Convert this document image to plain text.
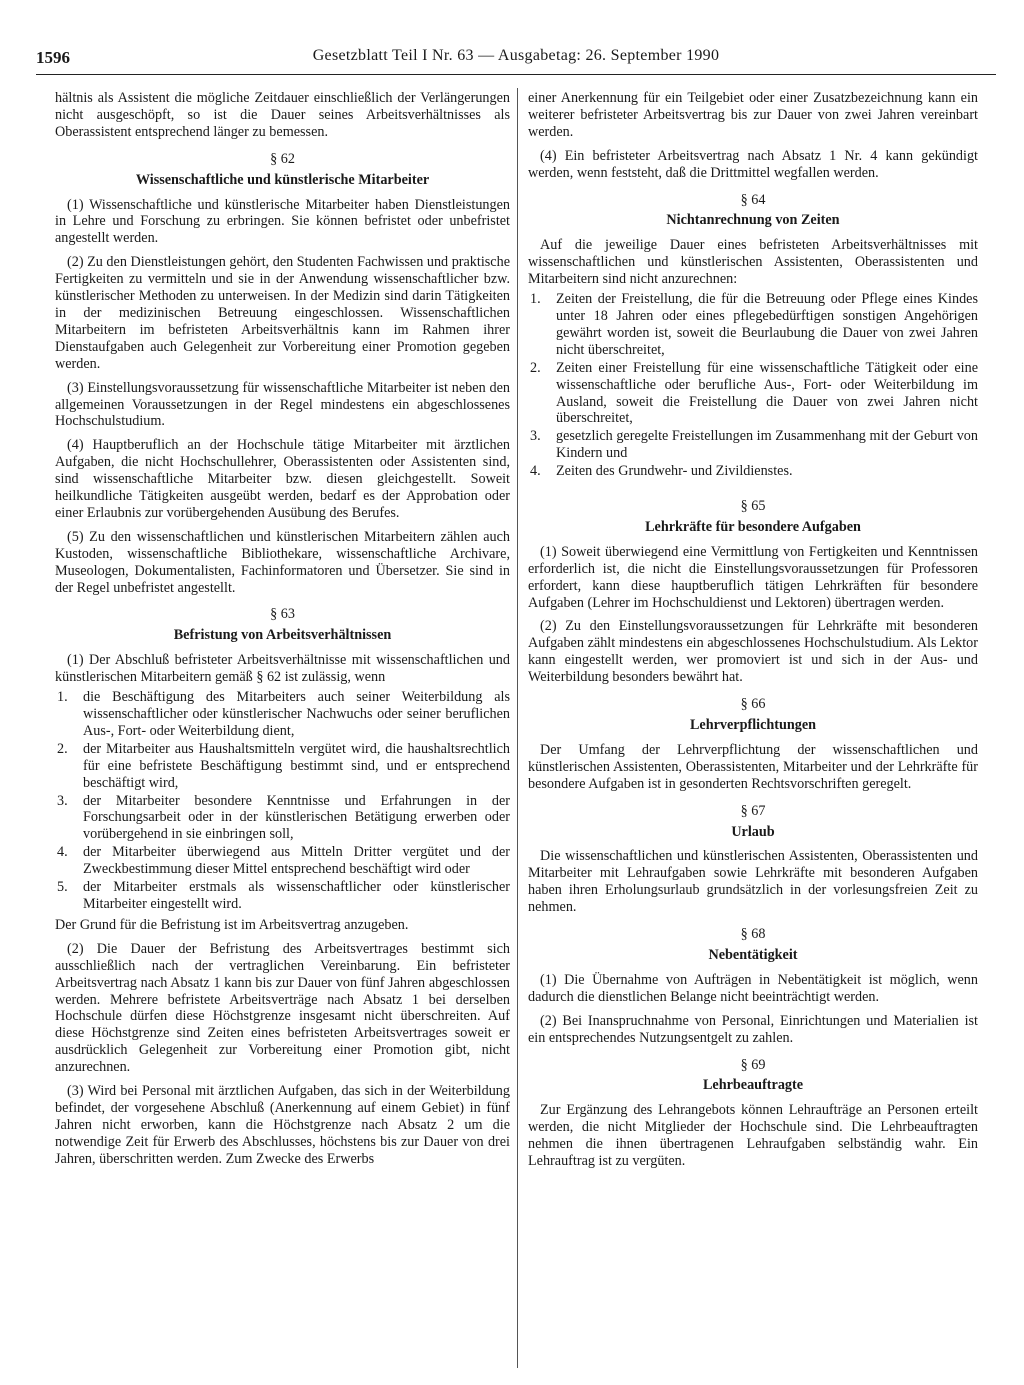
1596	Gesetzblatt Teil I Nr. 63 — Ausgabetag: 26. September 1990

hältnis als Assistent die mögliche Zeitdauer einschließlich der Verlängerungen nicht ausgeschöpft, so ist die Dauer seines Arbeitsverhältnisses als Oberassistent entsprechend länger zu bemessen.

§ 62
Wissenschaftliche und künstlerische Mitarbeiter

(1) Wissenschaftliche und künstlerische Mitarbeiter haben Dienstleistungen in Lehre und Forschung zu erbringen. Sie können befristet oder unbefristet angestellt werden.

(2) Zu den Dienstleistungen gehört, den Studenten Fachwissen und praktische Fertigkeiten zu vermitteln und sie in der Anwendung wissenschaftlicher bzw. künstlerischer Methoden zu unterweisen. In der Medizin sind darin Tätigkeiten in der medizinischen Betreuung eingeschlossen. Wissenschaftlichen Mitarbeitern im befristeten Arbeitsverhältnis kann im Rahmen ihrer Dienstaufgaben auch Gelegenheit zur Vorbereitung einer Promotion gegeben werden.

(3) Einstellungsvoraussetzung für wissenschaftliche Mitarbeiter ist neben den allgemeinen Voraussetzungen in der Regel mindestens ein abgeschlossenes Hochschulstudium.

(4) Hauptberuflich an der Hochschule tätige Mitarbeiter mit ärztlichen Aufgaben, die nicht Hochschullehrer, Oberassistenten oder Assistenten sind, sind wissenschaftliche Mitarbeiter bzw. diesen gleichgestellt. Soweit heilkundliche Tätigkeiten ausgeübt werden, bedarf es der Approbation oder einer Erlaubnis zur vorübergehenden Ausübung des Berufes.

(5) Zu den wissenschaftlichen und künstlerischen Mitarbeitern zählen auch Kustoden, wissenschaftliche Bibliothekare, wissenschaftliche Archivare, Museologen, Dokumentalisten, Fachinformatoren und Übersetzer. Sie sind in der Regel unbefristet angestellt.

§ 63
Befristung von Arbeitsverhältnissen

(1) Der Abschluß befristeter Arbeitsverhältnisse mit wissenschaftlichen und künstlerischen Mitarbeitern gemäß § 62 ist zulässig, wenn

1.	die Beschäftigung des Mitarbeiters auch seiner Weiterbildung als wissenschaftlicher oder künstlerischer Nachwuchs oder seiner beruflichen Aus-, Fort- oder Weiterbildung dient,
2.	der Mitarbeiter aus Haushaltsmitteln vergütet wird, die haushaltsrechtlich für eine befristete Beschäftigung bestimmt sind, und er entsprechend beschäftigt wird,
3.	der Mitarbeiter besondere Kenntnisse und Erfahrungen in der Forschungsarbeit oder in der künstlerischen Betätigung erwerben oder vorübergehend in sie einbringen soll,
4.	der Mitarbeiter überwiegend aus Mitteln Dritter vergütet und der Zweckbestimmung dieser Mittel entsprechend beschäftigt wird oder
5.	der Mitarbeiter erstmals als wissenschaftlicher oder künstlerischer Mitarbeiter eingestellt wird.

Der Grund für die Befristung ist im Arbeitsvertrag anzugeben.

(2) Die Dauer der Befristung des Arbeitsvertrages bestimmt sich ausschließlich nach der vertraglichen Vereinbarung. Ein befristeter Arbeitsvertrag nach Absatz 1 kann bis zur Dauer von fünf Jahren abgeschlossen werden. Mehrere befristete Arbeitsverträge nach Absatz 1 bei derselben Hochschule dürfen diese Höchstgrenze insgesamt nicht überschreiten. Auf diese Höchstgrenze sind Zeiten eines befristeten Arbeitsvertrages soweit er ausdrücklich Gelegenheit zur Vorbereitung einer Promotion gibt, nicht anzurechnen.

(3) Wird bei Personal mit ärztlichen Aufgaben, das sich in der Weiterbildung befindet, der vorgesehene Abschluß (Anerkennung auf einem Gebiet) in fünf Jahren nicht erworben, kann die Höchstgrenze nach Absatz 2 um die notwendige Zeit für Erwerb des Abschlusses, höchstens bis zur Dauer von drei Jahren, überschritten werden. Zum Zwecke des Erwerbs

einer Anerkennung für ein Teilgebiet oder einer Zusatzbezeichnung kann ein weiterer befristeter Arbeitsvertrag bis zur Dauer von zwei Jahren vereinbart werden.

(4) Ein befristeter Arbeitsvertrag nach Absatz 1 Nr. 4 kann gekündigt werden, wenn feststeht, daß die Drittmittel wegfallen werden.

§ 64
Nichtanrechnung von Zeiten

Auf die jeweilige Dauer eines befristeten Arbeitsverhältnisses mit wissenschaftlichen und künstlerischen Assistenten, Oberassistenten und Mitarbeitern sind nicht anzurechnen:

1.	Zeiten der Freistellung, die für die Betreuung oder Pflege eines Kindes unter 18 Jahren oder eines pflegebedürftigen sonstigen Angehörigen gewährt worden ist, soweit die Beurlaubung die Dauer von zwei Jahren nicht überschreitet,
2.	Zeiten einer Freistellung für eine wissenschaftliche Tätigkeit oder eine wissenschaftliche oder berufliche Aus-, Fort- oder Weiterbildung im Ausland, soweit die Freistellung die Dauer von zwei Jahren nicht überschreitet,
3.	gesetzlich geregelte Freistellungen im Zusammenhang mit der Geburt von Kindern und
4.	Zeiten des Grundwehr- und Zivildienstes.
§ 65
Lehrkräfte für besondere Aufgaben

(1) Soweit überwiegend eine Vermittlung von Fertigkeiten und Kenntnissen erforderlich ist, die nicht die Einstellungsvoraussetzungen für Professoren erfordert, kann diese hauptberuflich tätigen Lehrkräften für besondere Aufgaben (Lehrer im Hochschuldienst und Lektoren) übertragen werden.

(2) Zu den Einstellungsvoraussetzungen für Lehrkräfte mit besonderen Aufgaben zählt mindestens ein abgeschlossenes Hochschulstudium. Als Lektor kann eingestellt werden, wer promoviert ist und sich in der Aus- und Weiterbildung besonders bewährt hat.

§ 66
Lehrverpflichtungen

Der Umfang der Lehrverpflichtung der wissenschaftlichen und künstlerischen Assistenten, Oberassistenten, Mitarbeiter und der Lehrkräfte für besondere Aufgaben ist in gesonderten Rechtsvorschriften geregelt.

§ 67
Urlaub

Die wissenschaftlichen und künstlerischen Assistenten, Oberassistenten und Mitarbeiter mit Lehraufgaben sowie Lehrkräfte mit besonderen Aufgaben haben ihren Erholungsurlaub grundsätzlich in der vorlesungsfreien Zeit zu nehmen.

§ 68
Nebentätigkeit

(1) Die Übernahme von Aufträgen in Nebentätigkeit ist möglich, wenn dadurch die dienstlichen Belange nicht beeinträchtigt werden.

(2) Bei Inanspruchnahme von Personal, Einrichtungen und Materialien ist ein entsprechendes Nutzungsentgelt zu zahlen.

§ 69
Lehrbeauftragte

Zur Ergänzung des Lehrangebots können Lehraufträge an Personen erteilt werden, die nicht Mitglieder der Hochschule sind. Die Lehrbeauftragten nehmen die ihnen übertragenen Lehraufgaben selbständig wahr. Ein Lehrauftrag ist zu vergüten.
